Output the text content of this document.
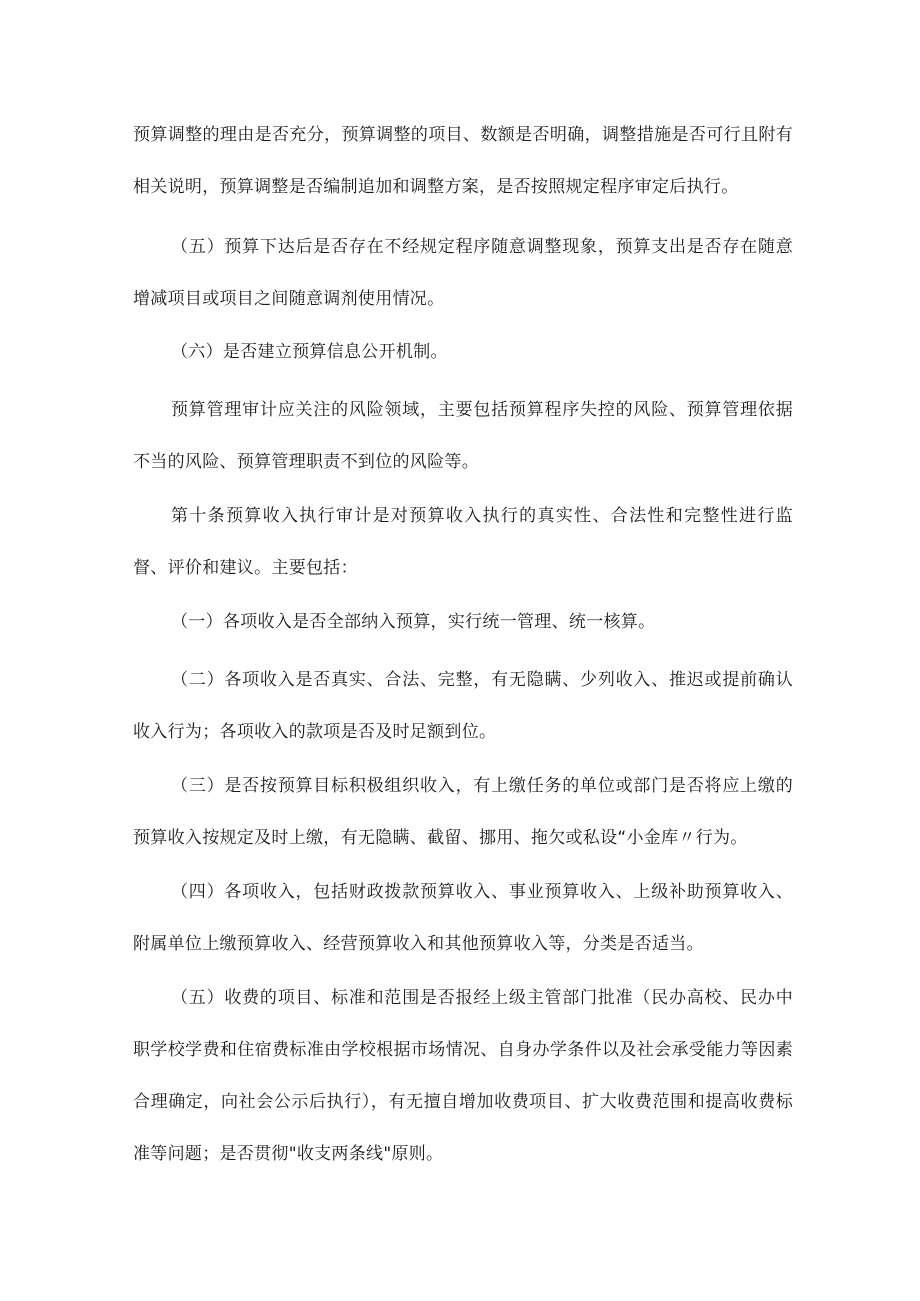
预算调整的理由是否充分，预算调整的项目、数额是否明确，调整措施是否可行且附有相关说明，预算调整是否编制追加和调整方案，是否按照规定程序审定后执行。

（五）预算下达后是否存在不经规定程序随意调整现象，预算支出是否存在随意增减项目或项目之间随意调剂使用情况。

（六）是否建立预算信息公开机制。

预算管理审计应关注的风险领域，主要包括预算程序失控的风险、预算管理依据不当的风险、预算管理职责不到位的风险等。

第十条预算收入执行审计是对预算收入执行的真实性、合法性和完整性进行监督、评价和建议。主要包括：

（一）各项收入是否全部纳入预算，实行统一管理、统一核算。

（二）各项收入是否真实、合法、完整，有无隐瞒、少列收入、推迟或提前确认收入行为；各项收入的款项是否及时足额到位。

（三）是否按预算目标积极组织收入，有上缴任务的单位或部门是否将应上缴的预算收入按规定及时上缴，有无隐瞒、截留、挪用、拖欠或私设“小金库〃行为。

（四）各项收入，包括财政拨款预算收入、事业预算收入、上级补助预算收入、附属单位上缴预算收入、经营预算收入和其他预算收入等，分类是否适当。

（五）收费的项目、标准和范围是否报经上级主管部门批准（民办高校、民办中职学校学费和住宿费标准由学校根据市场情况、自身办学条件以及社会承受能力等因素合理确定，向社会公示后执行），有无擅自增加收费项目、扩大收费范围和提高收费标准等问题；是否贯彻"收支两条线"原则。
